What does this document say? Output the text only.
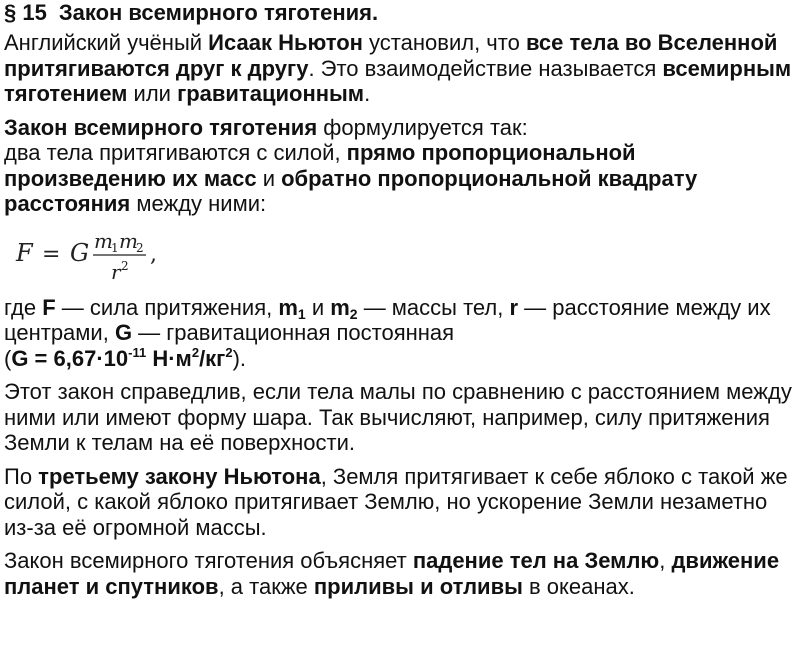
§ 15 Закон всемирного тяготения.

Английский учёный Исаак Ньютон установил, что все тела во Вселенной притягиваются друг к другу. Это взаимодействие называется всемирным тяготением или гравитационным.

Закон всемирного тяготения формулируется так:
два тела притягиваются с силой, прямо пропорциональной произведению их масс и обратно пропорциональной квадрату расстояния между ними:

F = G m
1 m
2
r 2 ,

где F — сила притяжения, $m_1$ и $m_2$ — массы тел, r — расстояние между их центрами, G — гравитационная постоянная
($G = 6,67\cdot 10^{-11}$ $Н\cdot м^2/кг^2$).

Этот закон справедлив, если тела малы по сравнению с расстоянием между ними или имеют форму шара. Так вычисляют, например, силу притяжения Земли к телам на её поверхности.

По третьему закону Ньютона, Земля притягивает к себе яблоко с такой же силой, с какой яблоко притягивает Землю, но ускорение Земли незаметно из-за её огромной массы.

Закон всемирного тяготения объясняет падение тел на Землю, движение планет и спутников, а также приливы и отливы в океанах.
